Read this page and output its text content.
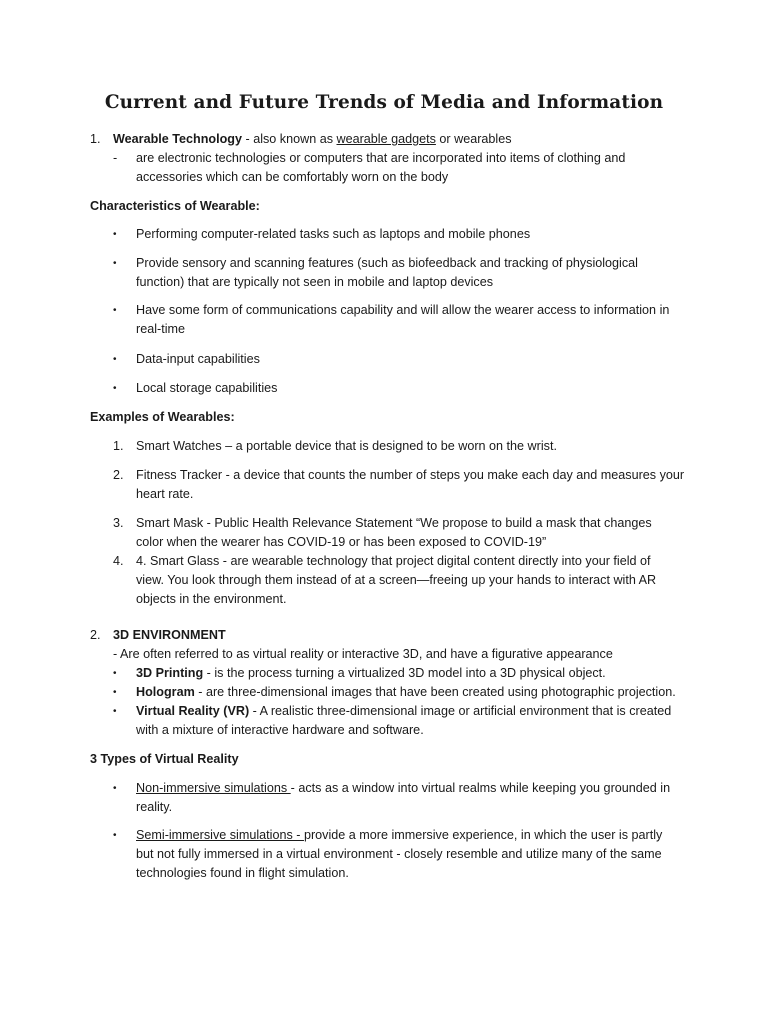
Current and Future Trends of Media and Information
1. Wearable Technology - also known as wearable gadgets or wearables

- are electronic technologies or computers that are incorporated into items of clothing and

accessories which can be comfortably worn on the body

Characteristics of Wearable:

• Performing computer-related tasks such as laptops and mobile phones

• Provide sensory and scanning features (such as biofeedback and tracking of physiological

function) that are typically not seen in mobile and laptop devices

• Have some form of communications capability and will allow the wearer access to information in

real-time

• Data-input capabilities

• Local storage capabilities

Examples of Wearables:

1. Smart Watches – a portable device that is designed to be worn on the wrist.

2. Fitness Tracker - a device that counts the number of steps you make each day and measures your

heart rate.

3. Smart Mask - Public Health Relevance Statement “We propose to build a mask that changes

color when the wearer has COVID-19 or has been exposed to COVID-19”

4. 4. Smart Glass - are wearable technology that project digital content directly into your field of

view. You look through them instead of at a screen—freeing up your hands to interact with AR

objects in the environment.

2. 3D ENVIRONMENT

- Are often referred to as virtual reality or interactive 3D, and have a figurative appearance

• 3D Printing - is the process turning a virtualized 3D model into a 3D physical object.

• Hologram - are three-dimensional images that have been created using photographic projection.

• Virtual Reality (VR) - A realistic three-dimensional image or artificial environment that is created

with a mixture of interactive hardware and software.

3 Types of Virtual Reality

• Non-immersive simulations - acts as a window into virtual realms while keeping you grounded in

reality.

• Semi-immersive simulations - provide a more immersive experience, in which the user is partly

but not fully immersed in a virtual environment - closely resemble and utilize many of the same

technologies found in flight simulation.
